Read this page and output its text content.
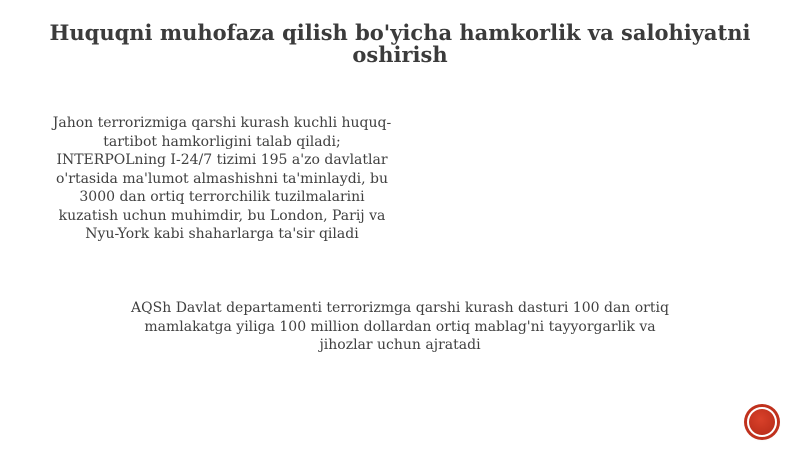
Huquqni muhofaza qilish bo'yicha hamkorlik va salohiyatni oshirish
Jahon terrorizmiga qarshi kurash kuchli huquq-tartibot hamkorligini talab qiladi; INTERPOLning I-24/7 tizimi 195 a'zo davlatlar o'rtasida ma'lumot almashishni ta'minlaydi, bu 3000 dan ortiq terrorchilik tuzilmalarini kuzatish uchun muhimdir, bu London, Parij va Nyu-York kabi shaharlarga ta'sir qiladi
AQSh Davlat departamenti terrorizmga qarshi kurash dasturi 100 dan ortiq mamlakatga yiliga 100 million dollardan ortiq mablag'ni tayyorgarlik va jihozlar uchun ajratadi
